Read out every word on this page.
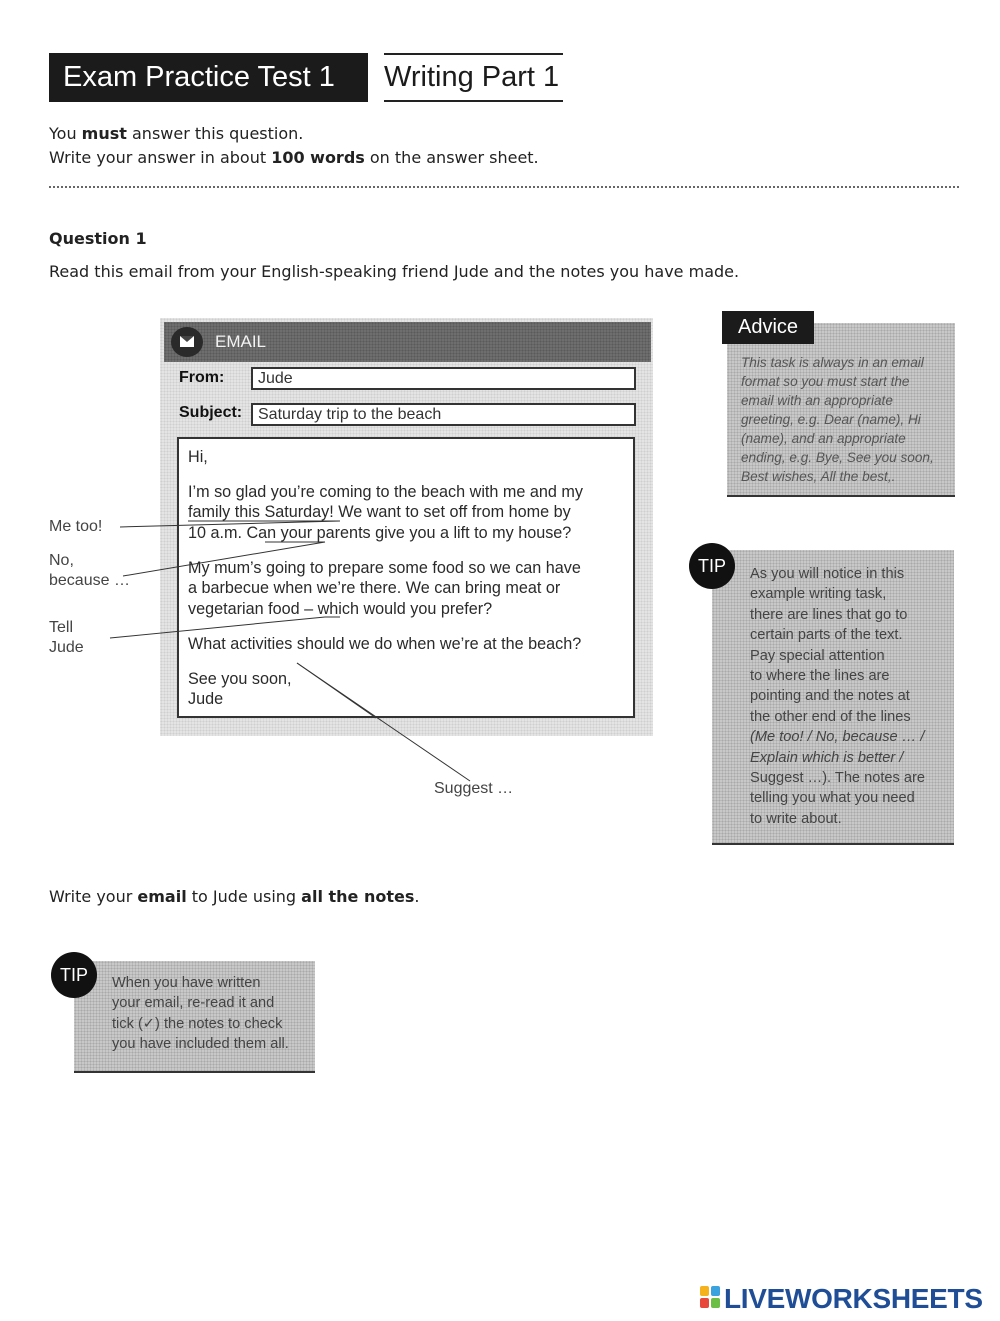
Exam Practice Test 1	Writing Part 1
You must answer this question.
Write your answer in about 100 words on the answer sheet.
Question 1
Read this email from your English-speaking friend Jude and the notes you have made.
EMAIL
From:	Jude
Subject: Saturday trip to the beach
Hi,
I’m so glad you’re coming to the beach with me and my
family this Saturday! We want to set off from home by
10 a.m. Can your parents give you a lift to my house?
My mum’s going to prepare some food so we can have
a barbecue when we’re there. We can bring meat or
vegetarian food – which would you prefer?
What activities should we do when we’re at the beach?
See you soon,
Jude
Me too!
No,
because …
Tell
Jude
Suggest …
Advice
This task is always in an email
format so you must start the
email with an appropriate
greeting, e.g. Dear (name), Hi
(name), and an appropriate
ending, e.g. Bye, See you soon,
Best wishes, All the best,.
TIP	As you will notice in this
example writing task,
there are lines that go to
certain parts of the text.
Pay special attention
to where the lines are
pointing and the notes at
the other end of the lines
(Me too! / No, because … /
Explain which is better /
Suggest …). The notes are
telling you what you need
to write about.
Write your email to Jude using all the notes.
TIP	When you have written
your email, re-read it and
tick (✓) the notes to check
you have included them all.
LIVEWORKSHEETS
